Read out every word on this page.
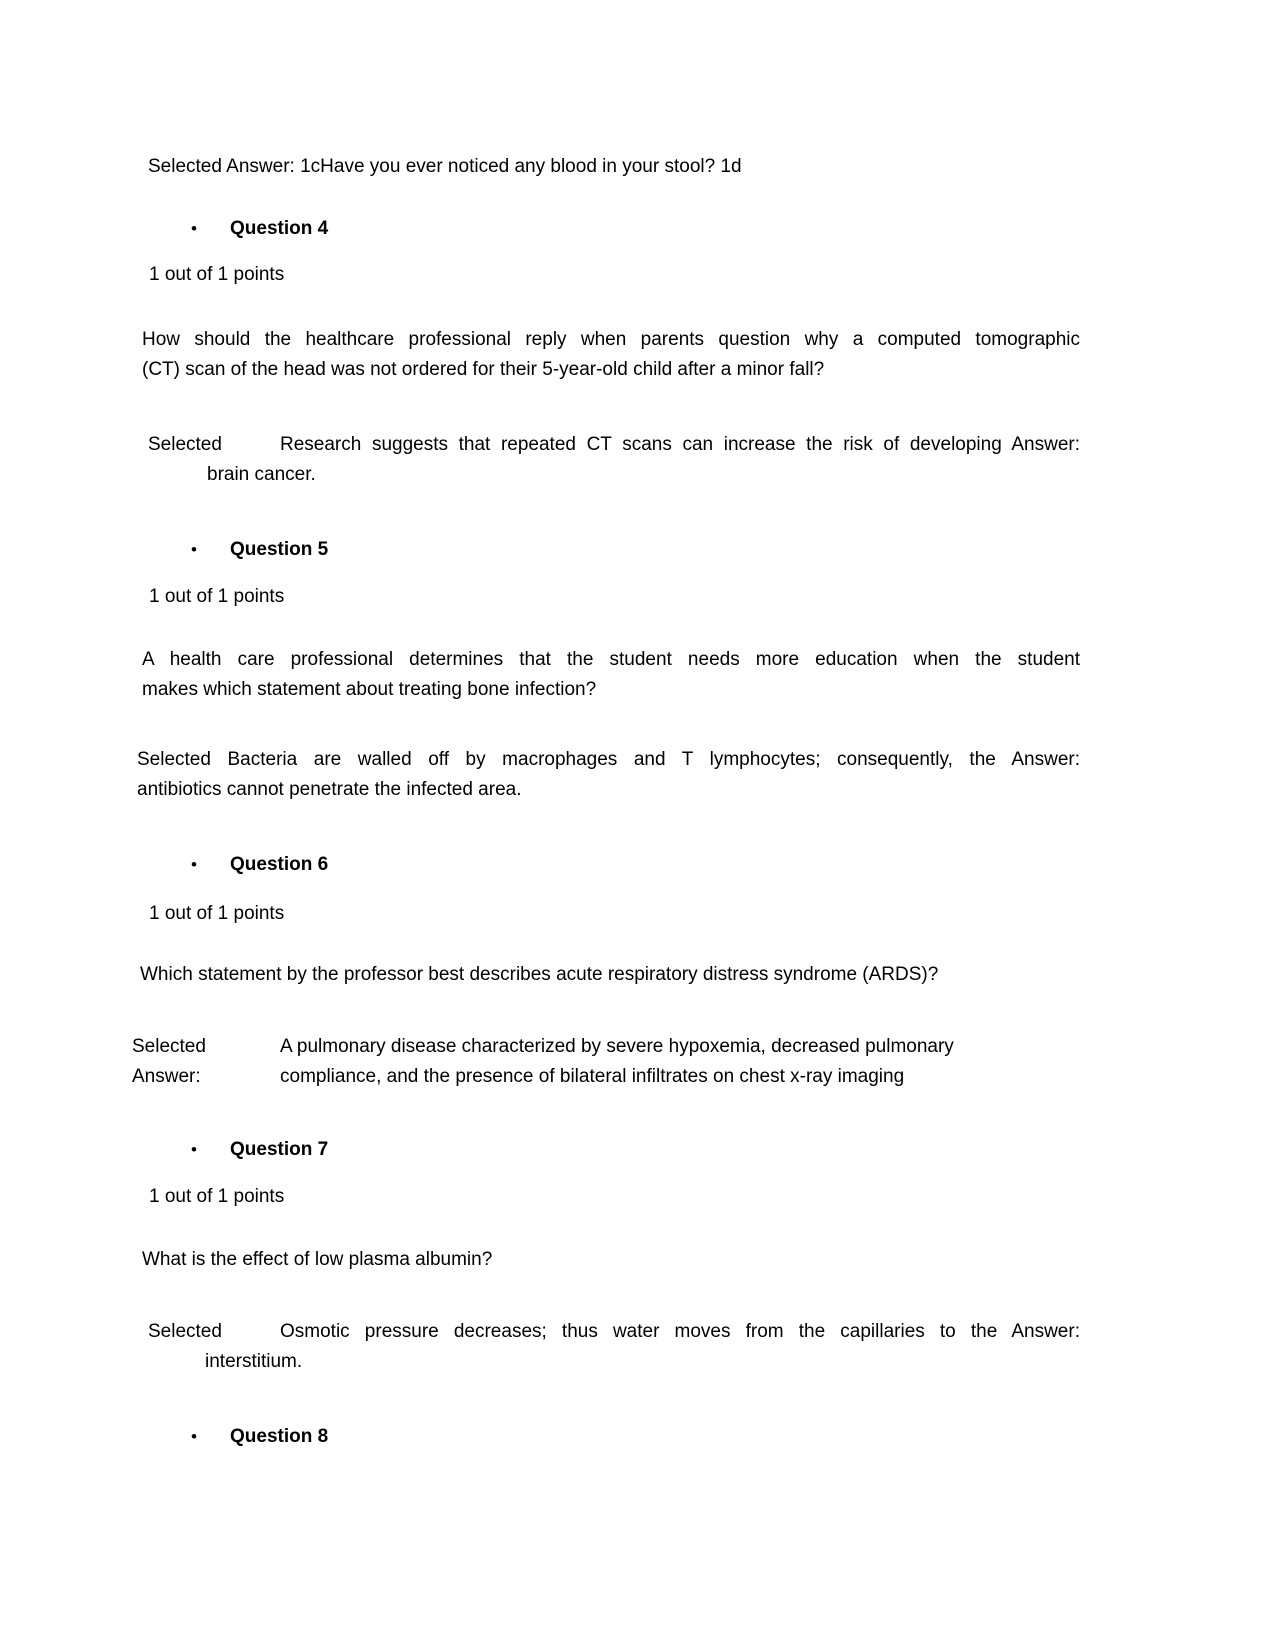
Selected Answer: 1cHave you ever noticed any blood in your stool? 1d
•	Question 4
1 out of 1 points
How should the healthcare professional reply when parents question why a computed tomographic
(CT) scan of the head was not ordered for their 5-year-old child after a minor fall?
Selected	Research suggests that repeated CT scans can increase the risk of developing Answer:
brain cancer.
•	Question 5
1 out of 1 points
A health care professional determines that the student needs more education when the student
makes which statement about treating bone infection?
Selected Bacteria are walled off by macrophages and T lymphocytes; consequently, the Answer:
antibiotics cannot penetrate the infected area.
•	Question 6
1 out of 1 points
Which statement by the professor best describes acute respiratory distress syndrome (ARDS)?
Selected
Answer:
A pulmonary disease characterized by severe hypoxemia, decreased pulmonary
compliance, and the presence of bilateral infiltrates on chest x-ray imaging
•	Question 7
1 out of 1 points
What is the effect of low plasma albumin?
Selected	Osmotic pressure decreases; thus water moves from the capillaries to the Answer:
interstitium.
•	Question 8
